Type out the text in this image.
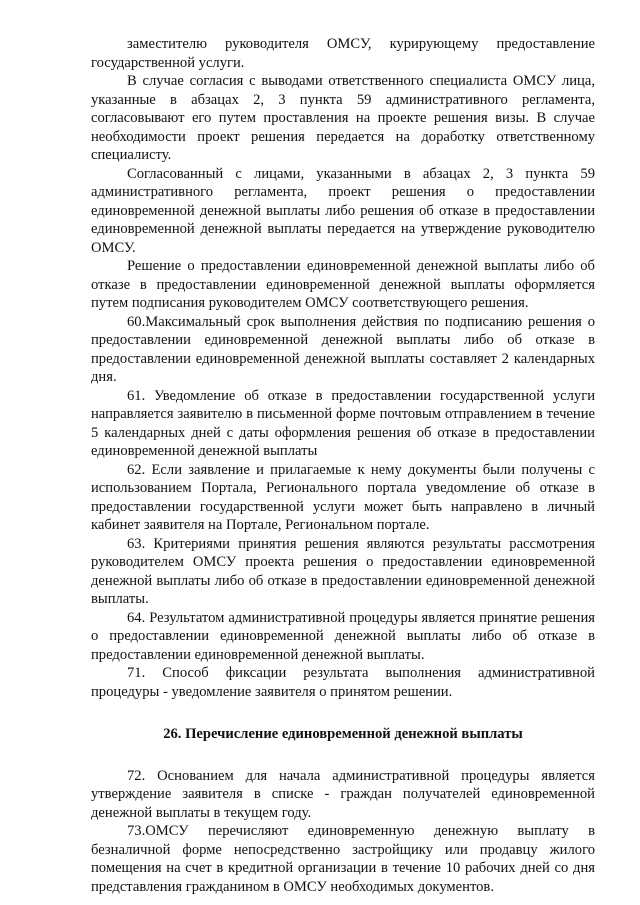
заместителю руководителя ОМСУ, курирующему предоставление государственной услуги.

В случае согласия с выводами ответственного специалиста ОМСУ лица, указанные в абзацах 2, 3 пункта 59 административного регламента, согласовывают его путем проставления на проекте решения визы. В случае необходимости проект решения передается на доработку ответственному специалисту.

Согласованный с лицами, указанными в абзацах 2, 3 пункта 59 административного регламента, проект решения о предоставлении единовременной денежной выплаты либо решения об отказе в предоставлении единовременной денежной выплаты передается на утверждение руководителю ОМСУ.

Решение о предоставлении единовременной денежной выплаты либо об отказе в предоставлении единовременной денежной выплаты оформляется путем подписания руководителем ОМСУ соответствующего решения.

60.Максимальный срок выполнения действия по подписанию решения о предоставлении единовременной денежной выплаты либо об отказе в предоставлении единовременной денежной выплаты составляет 2 календарных дня.

61. Уведомление об отказе в предоставлении государственной услуги направляется заявителю в письменной форме почтовым отправлением в течение 5 календарных дней с даты оформления решения об отказе в предоставлении единовременной денежной выплаты

62. Если заявление и прилагаемые к нему документы были получены с использованием Портала, Регионального портала уведомление об отказе в предоставлении государственной услуги может быть направлено в личный кабинет заявителя на Портале, Региональном портале.

63. Критериями принятия решения являются результаты рассмотрения руководителем ОМСУ проекта решения о предоставлении единовременной денежной выплаты либо об отказе в предоставлении единовременной денежной выплаты.

64. Результатом административной процедуры является принятие решения о предоставлении единовременной денежной выплаты либо об отказе в предоставлении единовременной денежной выплаты.

71. Способ фиксации результата выполнения административной процедуры - уведомление заявителя о принятом решении.

26. Перечисление единовременной денежной выплаты

72. Основанием для начала административной процедуры является утверждение заявителя в списке - граждан получателей единовременной денежной выплаты в текущем году.

73.ОМСУ перечисляют единовременную денежную выплату в безналичной форме непосредственно застройщику или продавцу жилого помещения на счет в кредитной организации в течение 10 рабочих дней со дня представления гражданином в ОМСУ необходимых документов.
